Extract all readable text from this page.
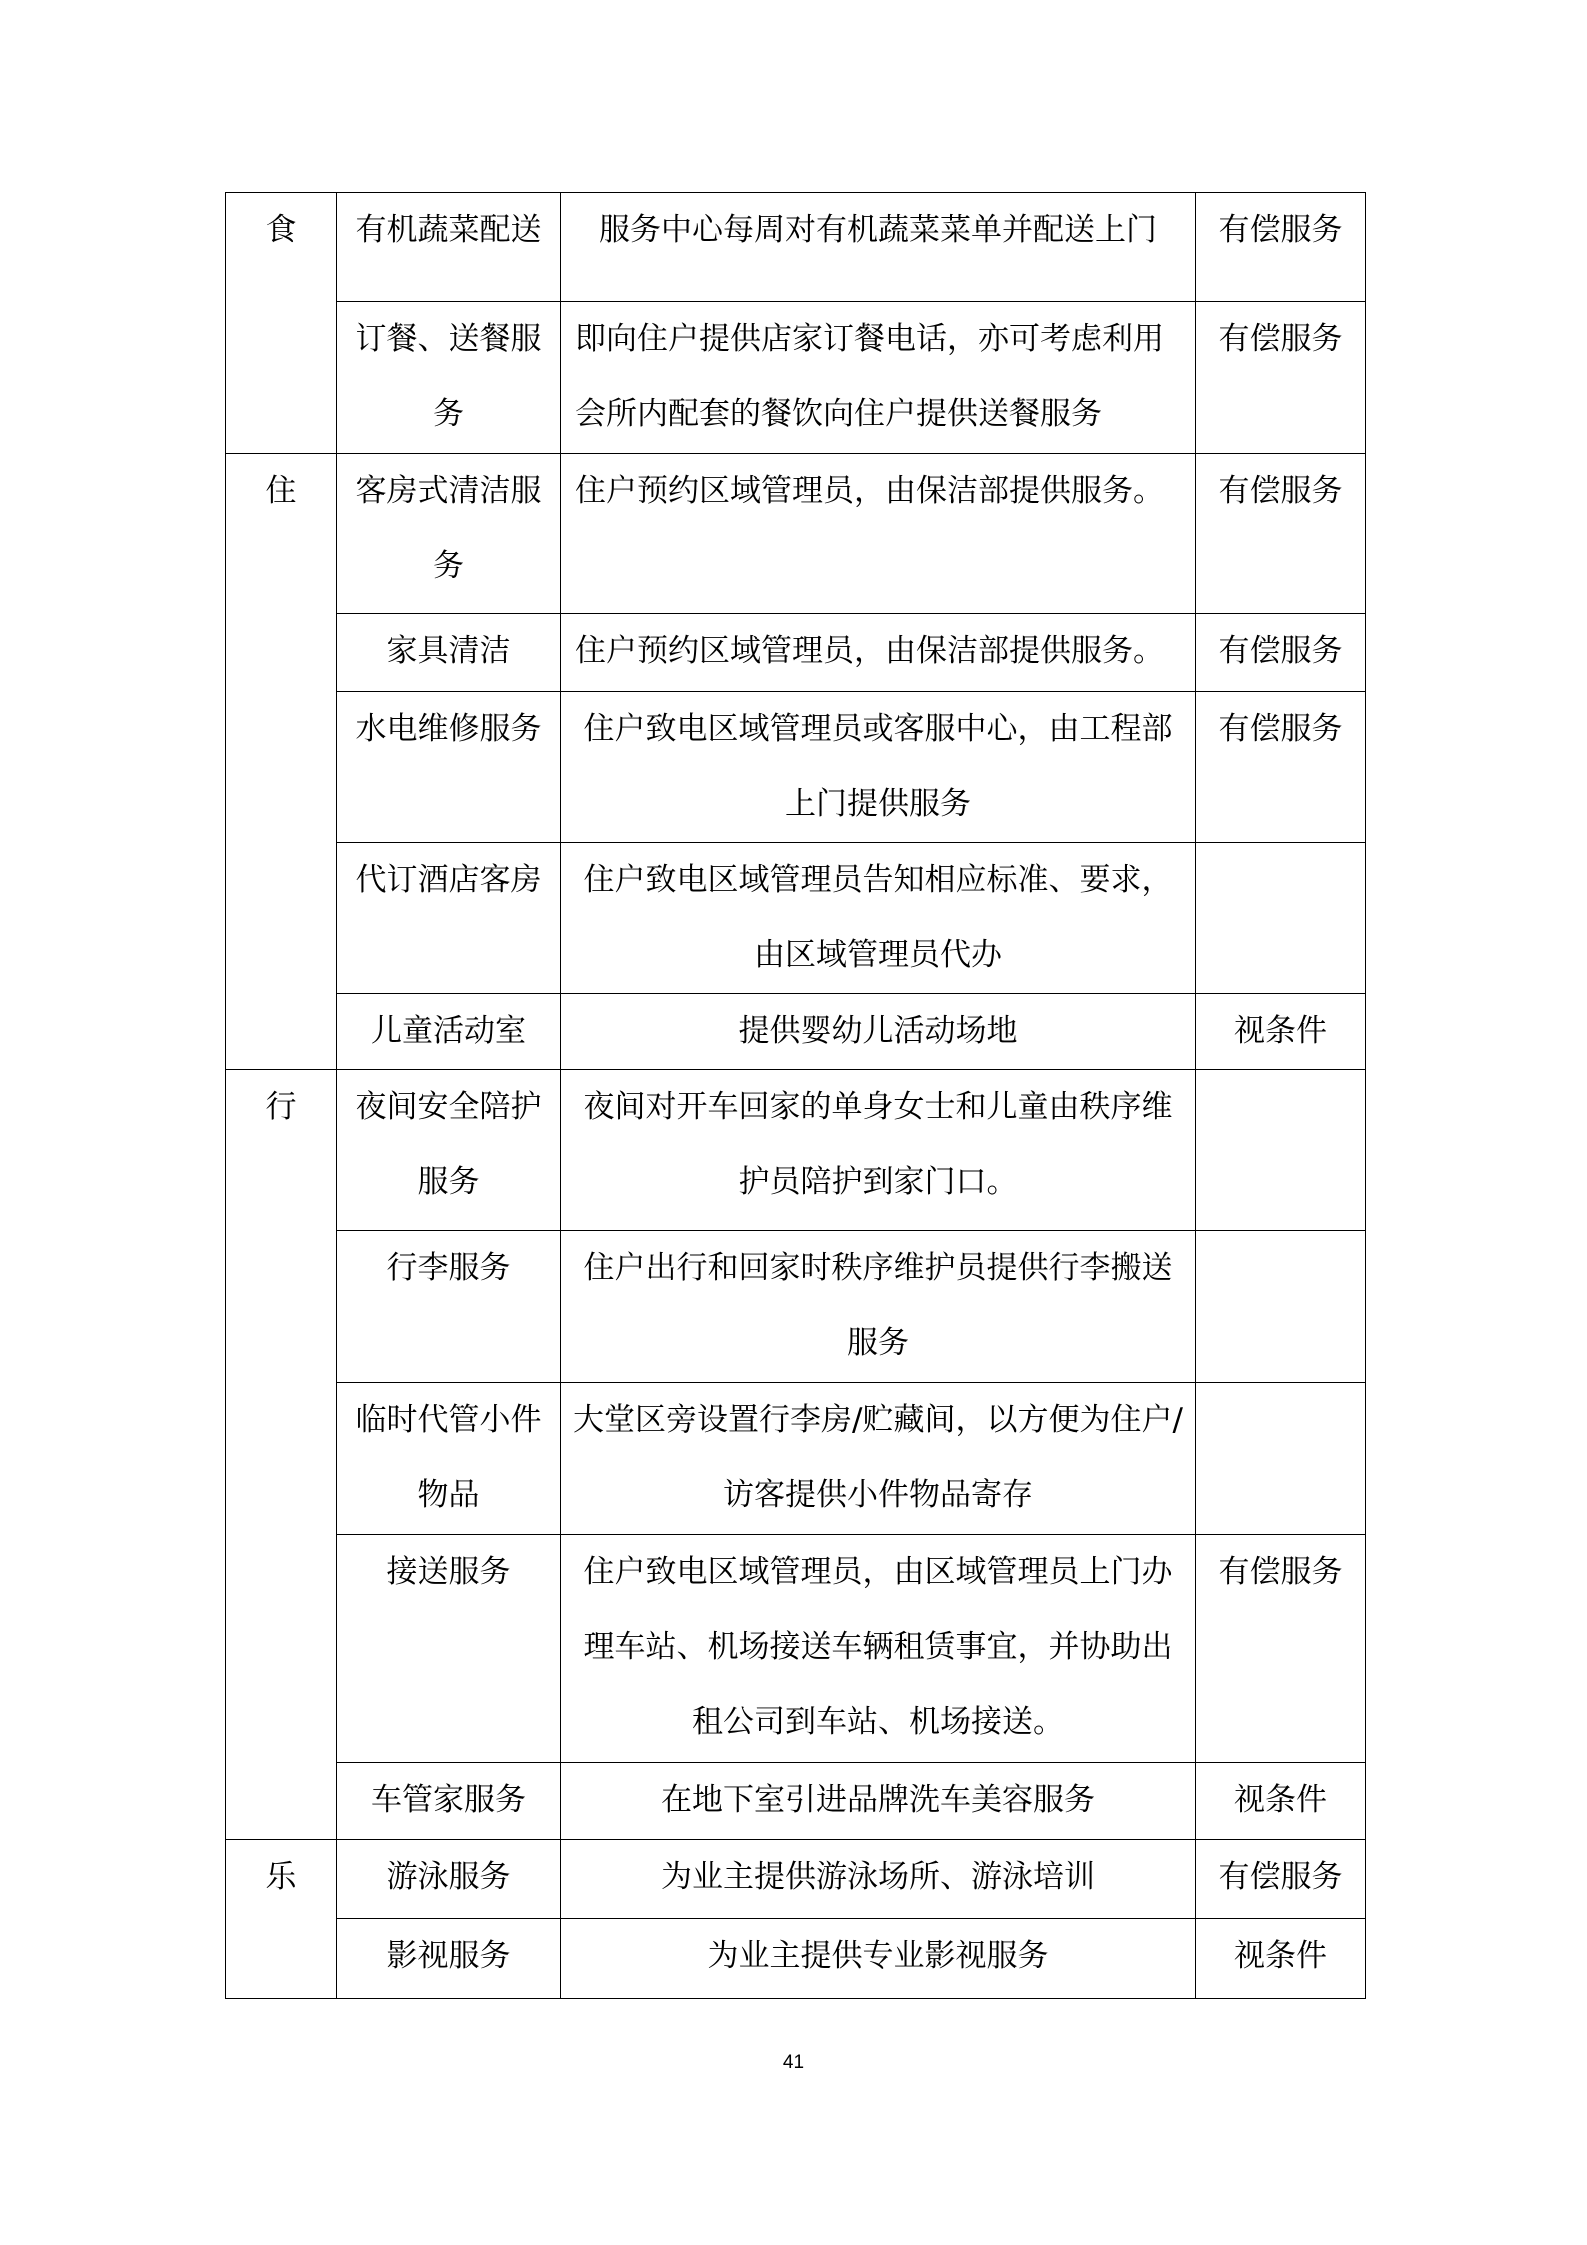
食	有机蔬菜配送	服务中心每周对有机蔬菜菜单并配送上门	有偿服务
	订餐、送餐服务	即向住户提供店家订餐电话，亦可考虑利用会所内配套的餐饮向住户提供送餐服务	有偿服务
住	客房式清洁服务	住户预约区域管理员，由保洁部提供服务。	有偿服务
	家具清洁	住户预约区域管理员，由保洁部提供服务。	有偿服务
	水电维修服务	住户致电区域管理员或客服中心，由工程部上门提供服务	有偿服务
	代订酒店客房	住户致电区域管理员告知相应标准、要求，由区域管理员代办	
	儿童活动室	提供婴幼儿活动场地	视条件
行	夜间安全陪护服务	夜间对开车回家的单身女士和儿童由秩序维护员陪护到家门口。	
	行李服务	住户出行和回家时秩序维护员提供行李搬送服务	
	临时代管小件物品	大堂区旁设置行李房/贮藏间，以方便为住户/访客提供小件物品寄存	
	接送服务	住户致电区域管理员，由区域管理员上门办理车站、机场接送车辆租赁事宜，并协助出租公司到车站、机场接送。	有偿服务
	车管家服务	在地下室引进品牌洗车美容服务	视条件
乐	游泳服务	为业主提供游泳场所、游泳培训	有偿服务
	影视服务	为业主提供专业影视服务	视条件
41
